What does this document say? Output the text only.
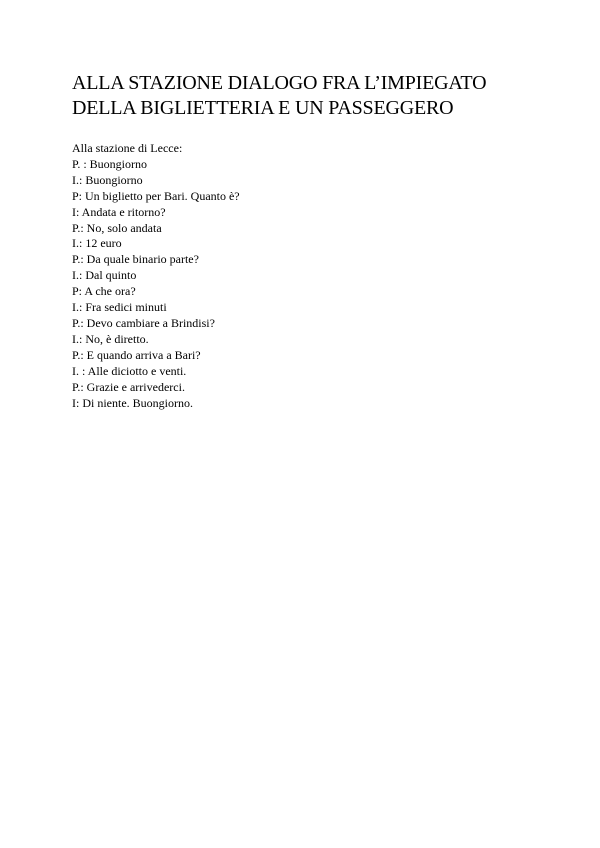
ALLA STAZIONE DIALOGO FRA L’IMPIEGATO
DELLA BIGLIETTERIA E UN PASSEGGERO
Alla stazione di Lecce:
P. : Buongiorno
I.: Buongiorno
P: Un biglietto per Bari. Quanto è?
I: Andata e ritorno?
P.: No, solo andata
I.: 12 euro
P.: Da quale binario parte?
I.: Dal quinto
P: A che ora?
I.: Fra sedici minuti
P.: Devo cambiare a Brindisi?
I.: No, è diretto.
P.: E quando arriva a Bari?
I. : Alle diciotto e venti.
P.: Grazie e arrivederci.
I: Di niente. Buongiorno.
